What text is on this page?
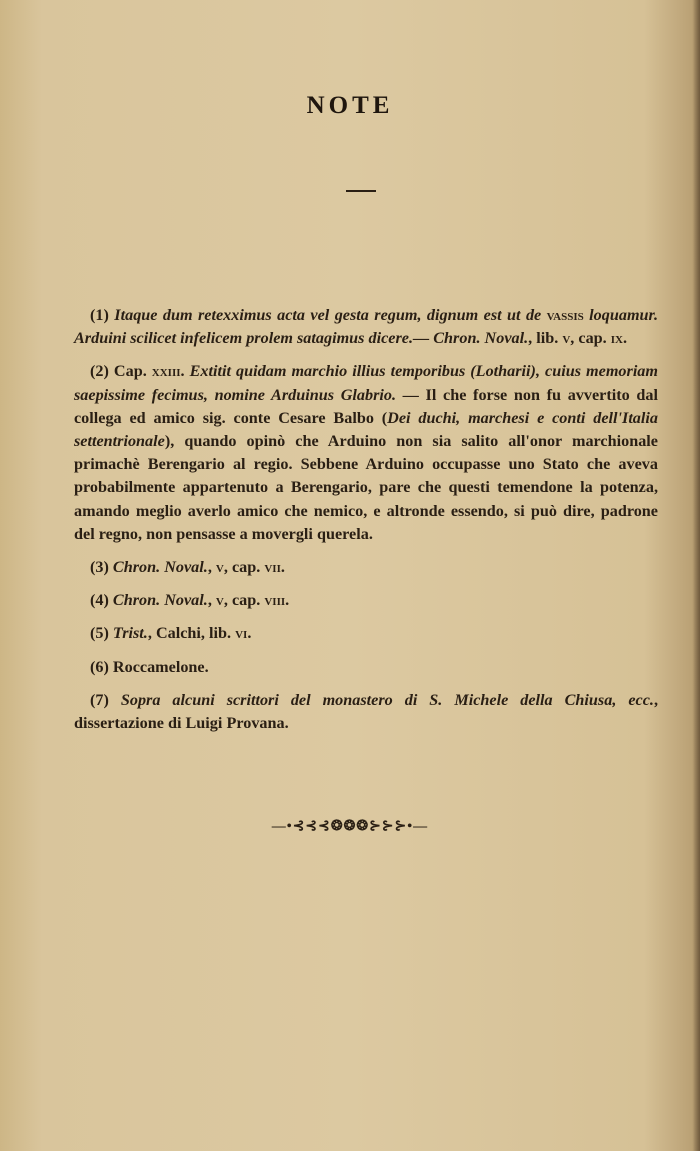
NOTE

(1) Itaque dum retexximus acta vel gesta regum, dignum est ut de vassis loquamur. Arduini scilicet infelicem prolem satagimus dicere.— Chron. Noval., lib. v, cap. ix.

(2) Cap. xxiii. Extitit quidam marchio illius temporibus (Lotharii), cuius memoriam saepissime fecimus, nomine Arduinus Glabrio. — Il che forse non fu avvertito dal collega ed amico sig. conte Cesare Balbo (Dei duchi, marchesi e conti dell'Italia settentrionale), quando opinò che Arduino non sia salito all'onor marchionale primachè Berengario al regio. Sebbene Arduino occupasse uno Stato che aveva probabilmente appartenuto a Berengario, pare che questi temendone la potenza, amando meglio averlo amico che nemico, e altronde essendo, si può dire, padrone del regno, non pensasse a movergli querela.

(3) Chron. Noval., v, cap. vii.

(4) Chron. Noval., v, cap. viii.

(5) Trist., Calchi, lib. vi.

(6) Roccamelone.

(7) Sopra alcuni scrittori del monastero di S. Michele della Chiusa, ecc., dissertazione di Luigi Provana.

—•⊰⊰⊰❂❂❂⊱⊱⊱•—
